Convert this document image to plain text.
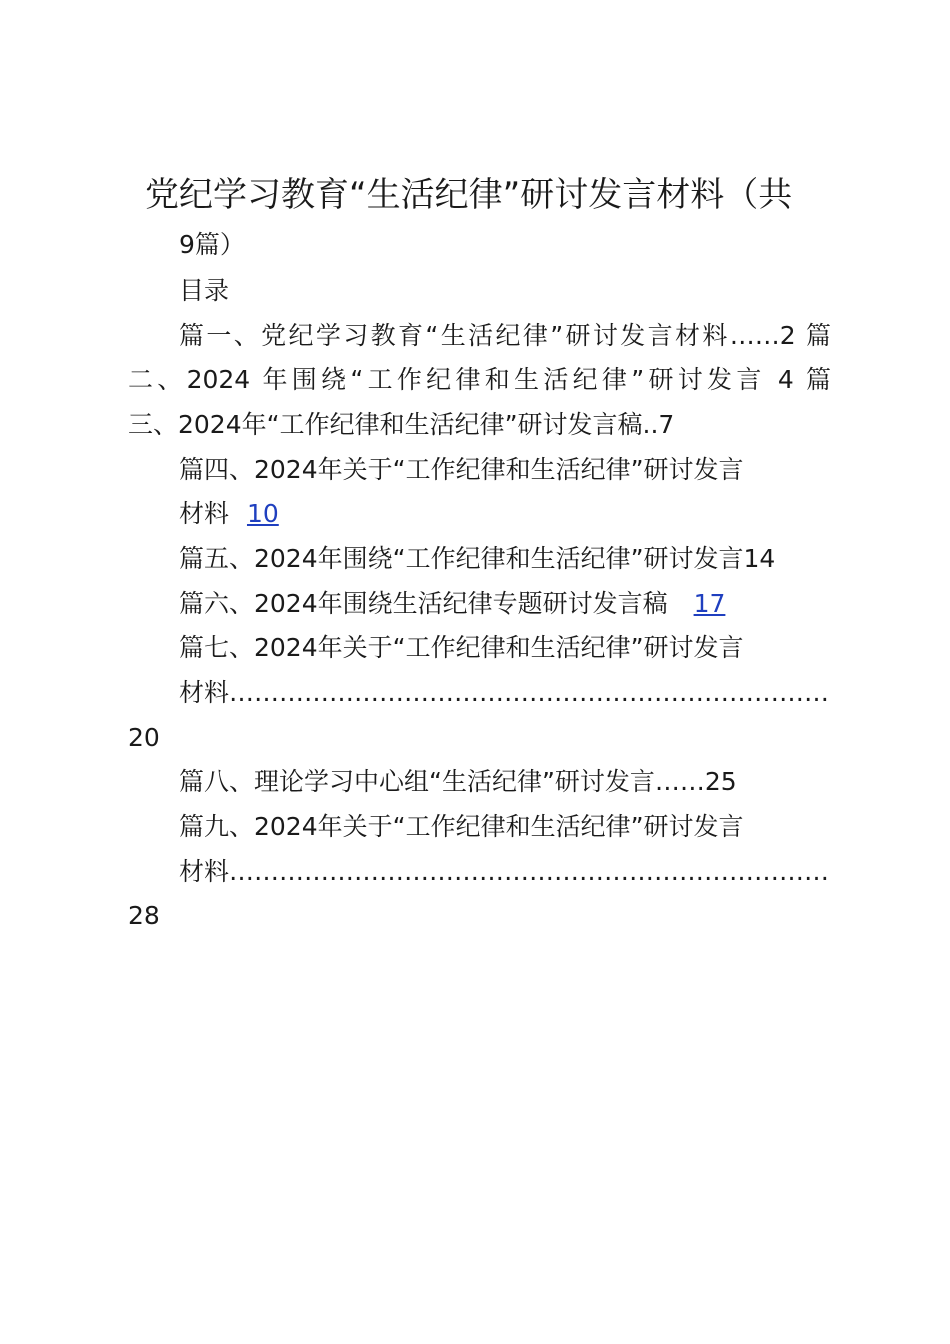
党纪学习教育“生活纪律”研讨发言材料（共
9篇）
目录
篇一、党纪学习教育“生活纪律”研讨发言材料……2 篇
二、2024 年围绕“工作纪律和生活纪律”研讨发言 4 篇
三、2024年“工作纪律和生活纪律”研讨发言稿..7
篇四、2024年关于“工作纪律和生活纪律”研讨发言
材料 10
篇五、2024年围绕“工作纪律和生活纪律”研讨发言14
篇六、2024年围绕生活纪律专题研讨发言稿 17
篇七、2024年关于“工作纪律和生活纪律”研讨发言
材料………………………………………………………………
20
篇八、理论学习中心组“生活纪律”研讨发言……25
篇九、2024年关于“工作纪律和生活纪律”研讨发言
材料………………………………………………………………
28
